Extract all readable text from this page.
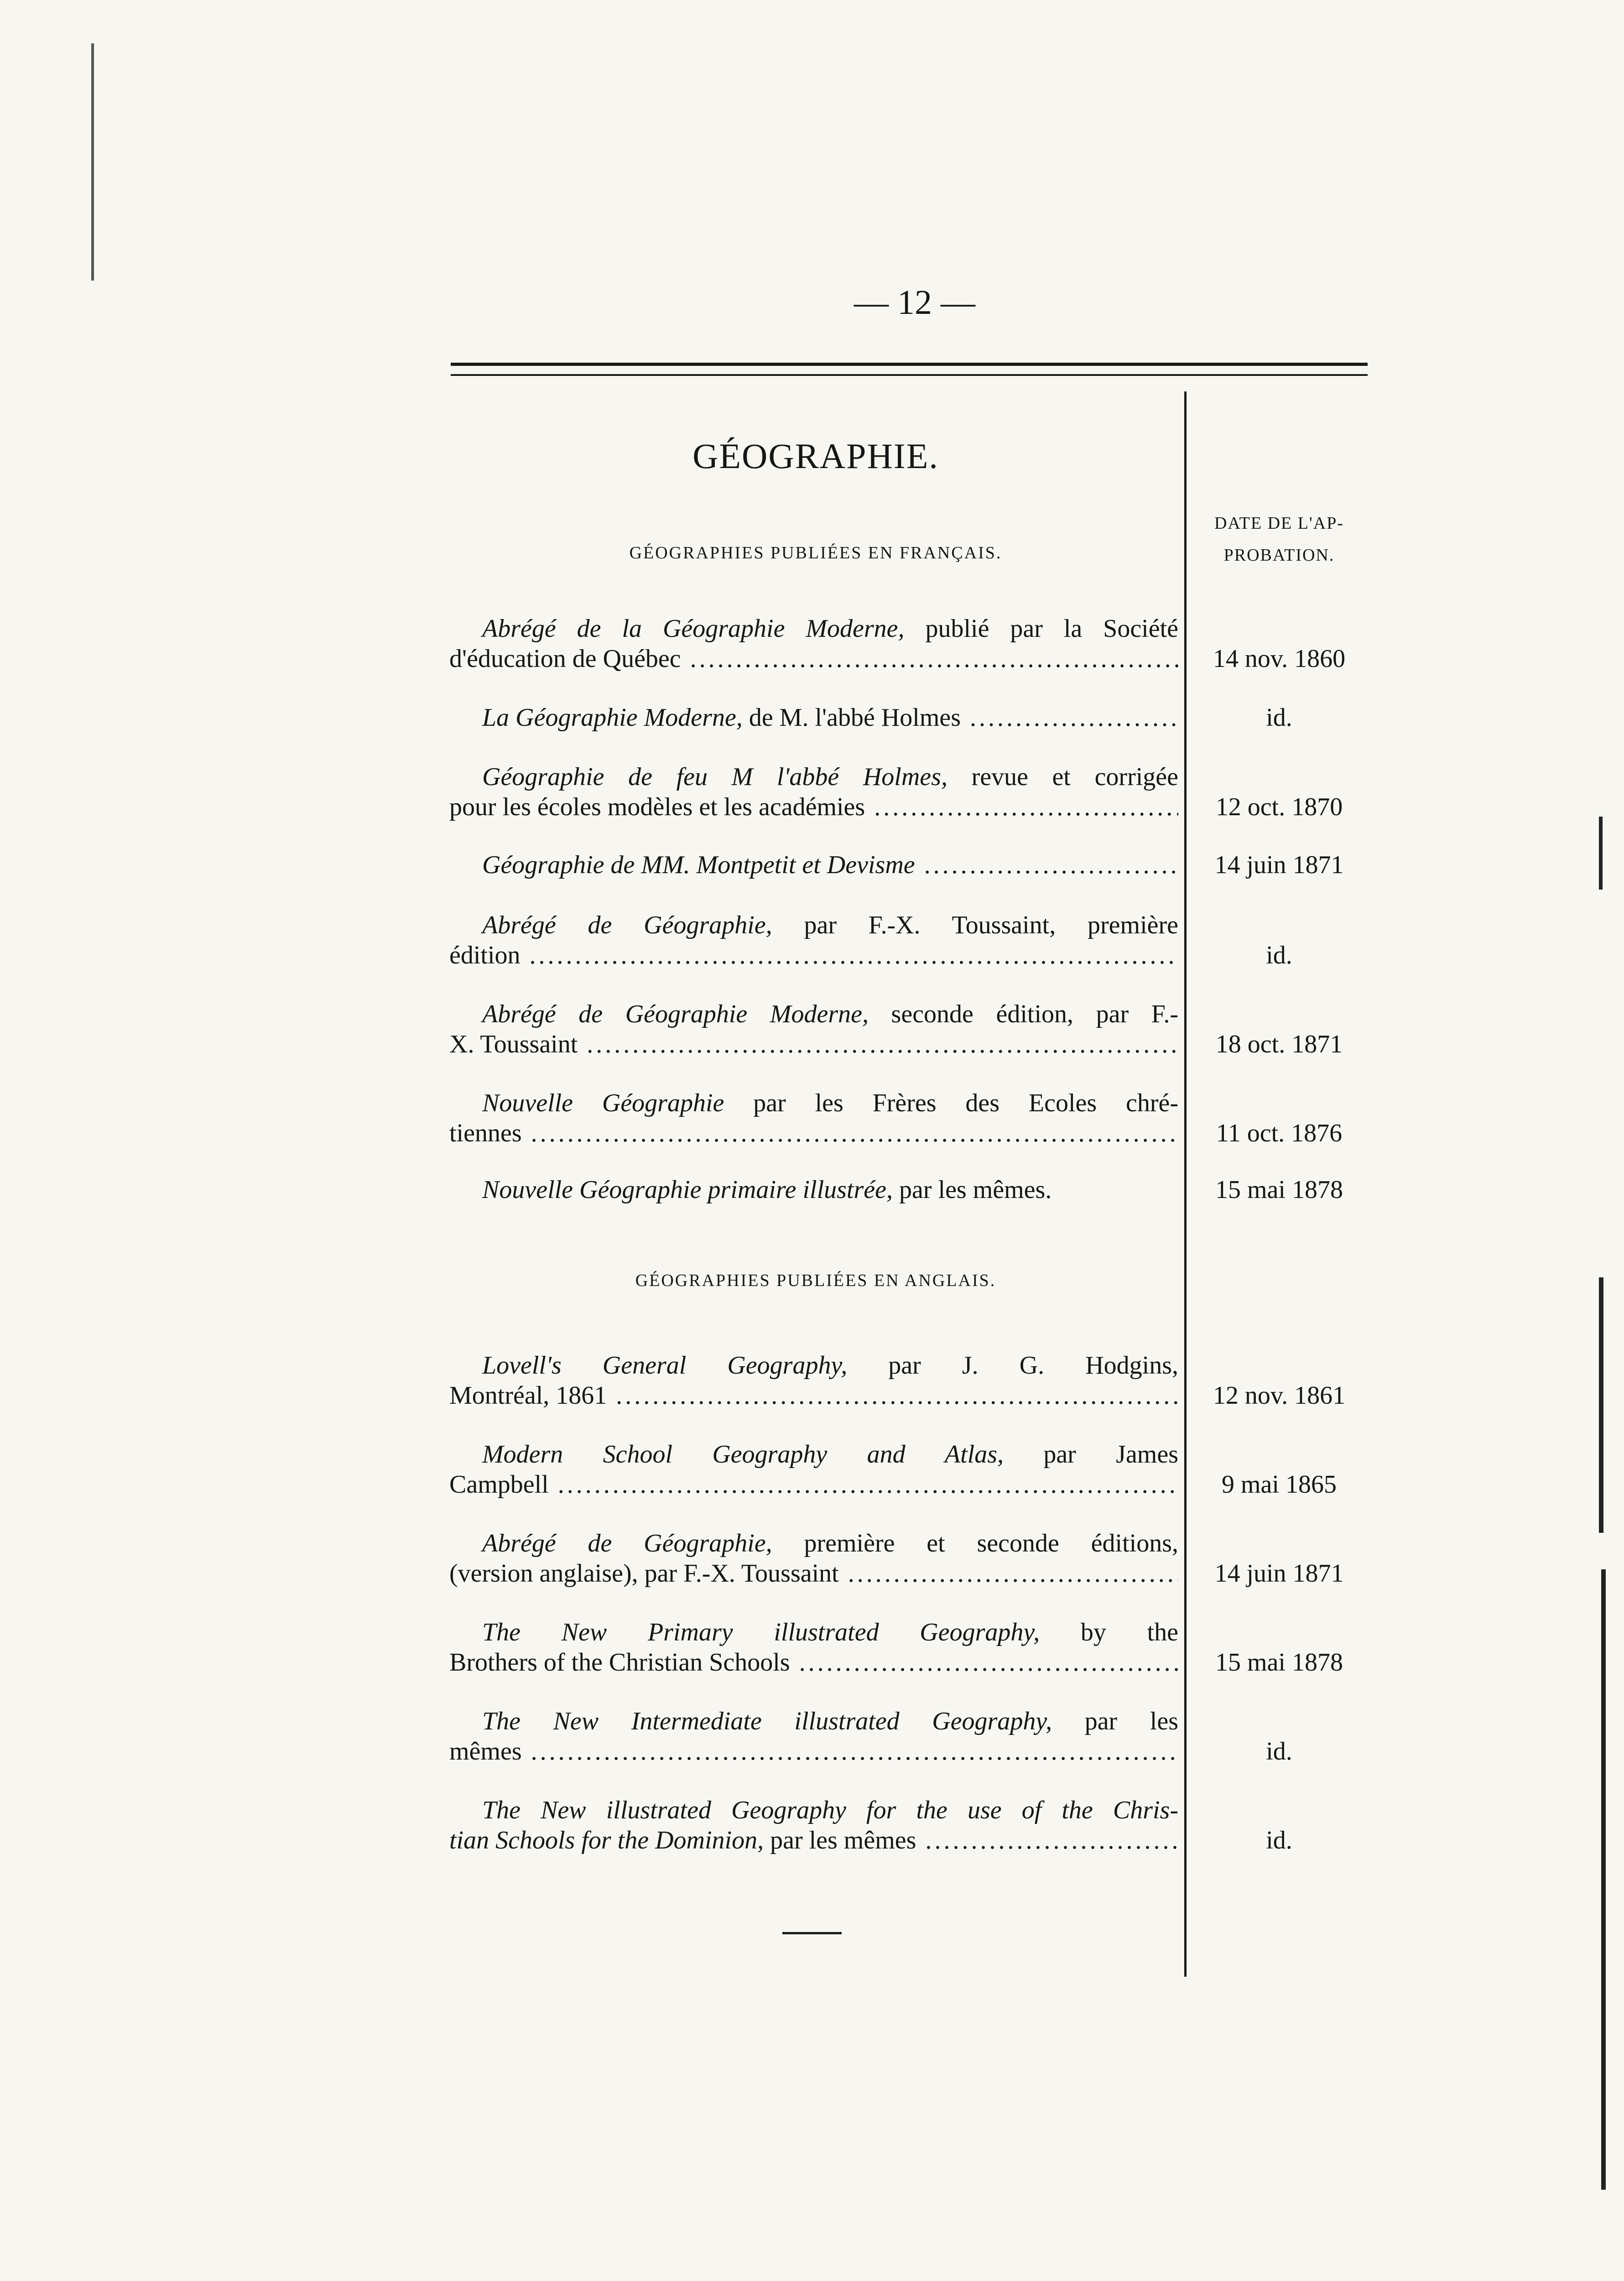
— 12 —
GÉOGRAPHIE.
DATE DE L'AP-
PROBATION.
GÉOGRAPHIES PUBLIÉES EN FRANÇAIS.
Abrégé de la Géographie Moderne, publié par la Société
d'éducation de Québec .....	14 nov. 1860
La Géographie Moderne, de M. l'abbé Holmes .....	id.
Géographie de feu M l'abbé Holmes, revue et corrigée
pour les écoles modèles et les académies .....	12 oct. 1870
Géographie de MM. Montpetit et Devisme .....	14 juin 1871
Abrégé de Géographie, par F.-X. Toussaint, première
édition .....	id.
Abrégé de Géographie Moderne, seconde édition, par F.-
X. Toussaint .....	18 oct. 1871
Nouvelle Géographie par les Frères des Ecoles chré-
tiennes .....	11 oct. 1876
Nouvelle Géographie primaire illustrée, par les mêmes.	15 mai 1878
GÉOGRAPHIES PUBLIÉES EN ANGLAIS.
Lovell's General Geography, par J. G. Hodgins,
Montréal, 1861 .....	12 nov. 1861
Modern School Geography and Atlas, par James
Campbell .....	9 mai 1865
Abrégé de Géographie, première et seconde éditions,
(version anglaise), par F.-X. Toussaint .....	14 juin 1871
The New Primary illustrated Geography, by the
Brothers of the Christian Schools .....	15 mai 1878
The New Intermediate illustrated Geography, par les
mêmes .....	id.
The New illustrated Geography for the use of the Chris-
tian Schools for the Dominion, par les mêmes .....	id.
